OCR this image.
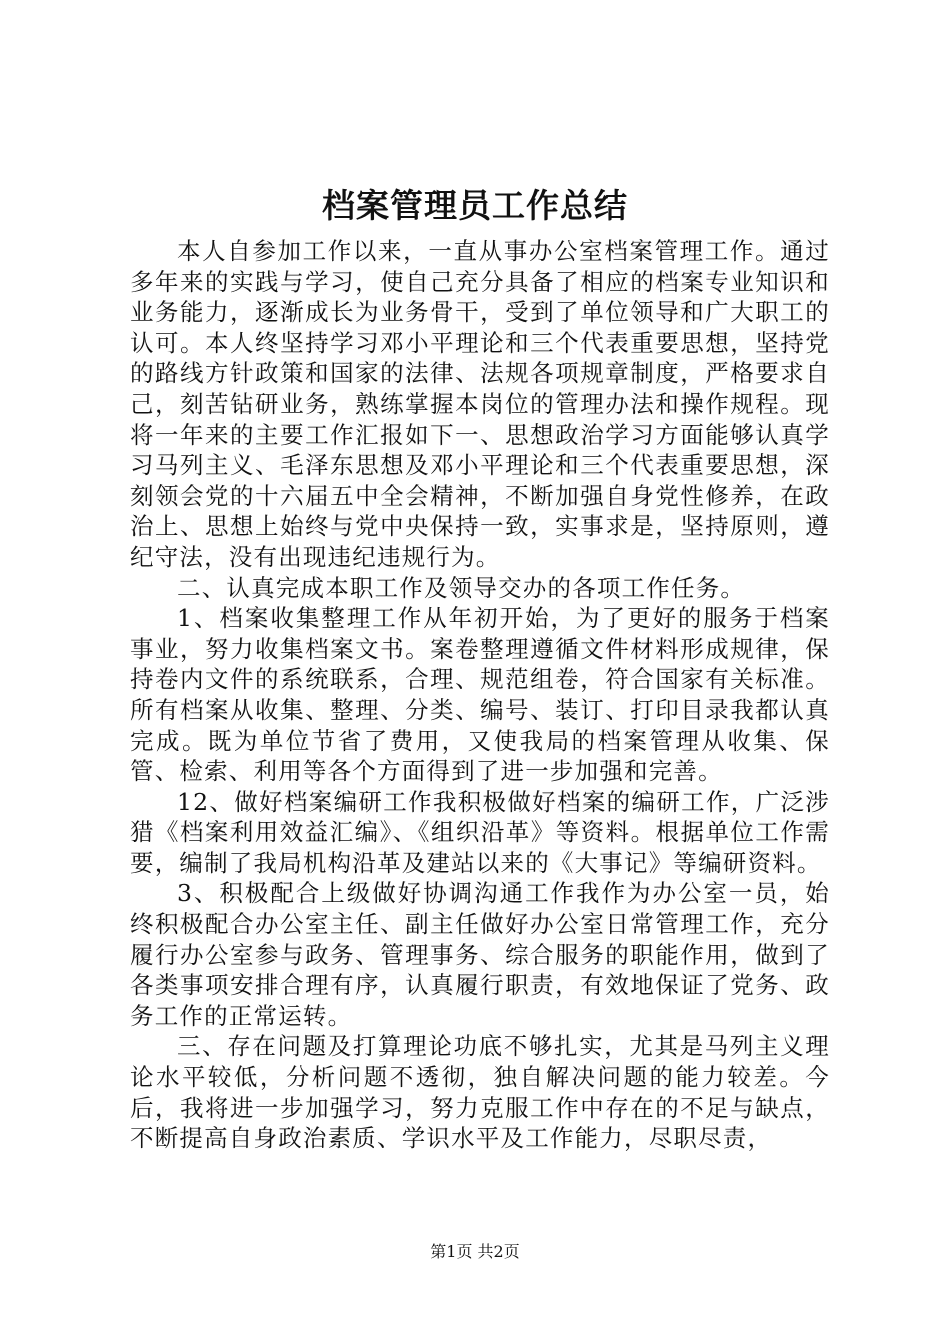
档案管理员工作总结

本人自参加工作以来，一直从事办公室档案管理工作。通过多年来的实践与学习，使自己充分具备了相应的档案专业知识和业务能力，逐渐成长为业务骨干，受到了单位领导和广大职工的认可。本人终坚持学习邓小平理论和三个代表重要思想，坚持党的路线方针政策和国家的法律、法规各项规章制度，严格要求自己，刻苦钻研业务，熟练掌握本岗位的管理办法和操作规程。现将一年来的主要工作汇报如下一、思想政治学习方面能够认真学习马列主义、毛泽东思想及邓小平理论和三个代表重要思想，深刻领会党的十六届五中全会精神，不断加强自身党性修养，在政治上、思想上始终与党中央保持一致，实事求是，坚持原则，遵纪守法，没有出现违纪违规行为。

二、认真完成本职工作及领导交办的各项工作任务。

1、档案收集整理工作从年初开始，为了更好的服务于档案事业，努力收集档案文书。案卷整理遵循文件材料形成规律，保持卷内文件的系统联系，合理、规范组卷，符合国家有关标准。所有档案从收集、整理、分类、编号、装订、打印目录我都认真完成。既为单位节省了费用，又使我局的档案管理从收集、保管、检索、利用等各个方面得到了进一步加强和完善。

12、做好档案编研工作我积极做好档案的编研工作，广泛涉猎《档案利用效益汇编》、《组织沿革》等资料。根据单位工作需要，编制了我局机构沿革及建站以来的《大事记》等编研资料。

3、积极配合上级做好协调沟通工作我作为办公室一员，始终积极配合办公室主任、副主任做好办公室日常管理工作，充分履行办公室参与政务、管理事务、综合服务的职能作用，做到了各类事项安排合理有序，认真履行职责，有效地保证了党务、政务工作的正常运转。

三、存在问题及打算理论功底不够扎实，尤其是马列主义理论水平较低，分析问题不透彻，独自解决问题的能力较差。今后，我将进一步加强学习，努力克服工作中存在的不足与缺点，不断提高自身政治素质、学识水平及工作能力，尽职尽责，

第1页 共2页
